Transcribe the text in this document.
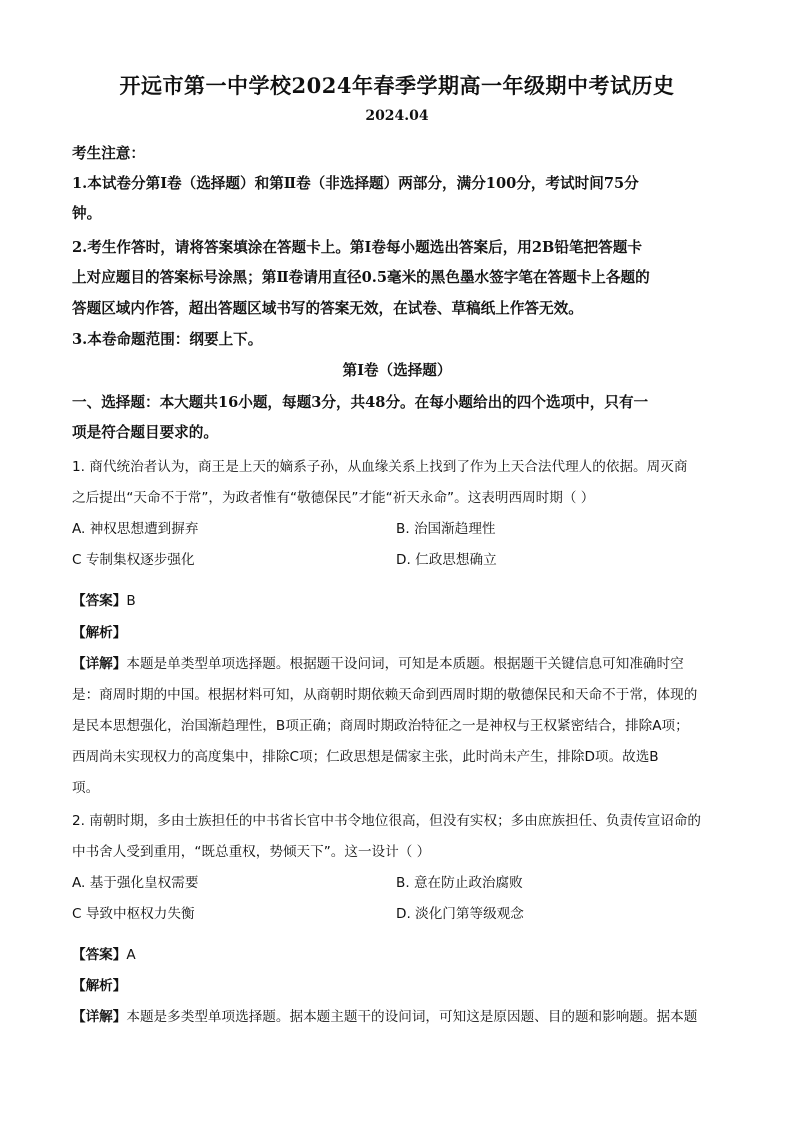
开远市第一中学校2024年春季学期高一年级期中考试历史
2024.04
考生注意：
1.本试卷分第Ⅰ卷（选择题）和第Ⅱ卷（非选择题）两部分，满分100分，考试时间75分
钟。
2.考生作答时，请将答案填涂在答题卡上。第Ⅰ卷每小题选出答案后，用2B铅笔把答题卡
上对应题目的答案标号涂黑；第Ⅱ卷请用直径0.5毫米的黑色墨水签字笔在答题卡上各题的
答题区域内作答，超出答题区域书写的答案无效，在试卷、草稿纸上作答无效。
3.本卷命题范围：纲要上下。
第Ⅰ卷（选择题）
一、选择题：本大题共16小题，每题3分，共48分。在每小题给出的四个选项中，只有一
项是符合题目要求的。
1. 商代统治者认为，商王是上天的嫡系子孙，从血缘关系上找到了作为上天合法代理人的依据。周灭商
之后提出“天命不于常”，为政者惟有“敬德保民”才能“祈天永命”。这表明西周时期（ ）
A. 神权思想遭到摒弃	B. 治国渐趋理性
C 专制集权逐步强化	D. 仁政思想确立
【答案】B
【解析】
【详解】本题是单类型单项选择题。根据题干设问词，可知是本质题。根据题干关键信息可知准确时空
是：商周时期的中国。根据材料可知，从商朝时期依赖天命到西周时期的敬德保民和天命不于常，体现的
是民本思想强化，治国渐趋理性，B项正确；商周时期政治特征之一是神权与王权紧密结合，排除A项；
西周尚未实现权力的高度集中，排除C项；仁政思想是儒家主张，此时尚未产生，排除D项。故选B
项。
2. 南朝时期，多由士族担任的中书省长官中书令地位很高，但没有实权；多由庶族担任、负责传宣诏命的
中书舍人受到重用，“既总重权，势倾天下”。这一设计（ ）
A. 基于强化皇权需要	B. 意在防止政治腐败
C 导致中枢权力失衡	D. 淡化门第等级观念
【答案】A
【解析】
【详解】本题是多类型单项选择题。据本题主题干的设问词，可知这是原因题、目的题和影响题。据本题
